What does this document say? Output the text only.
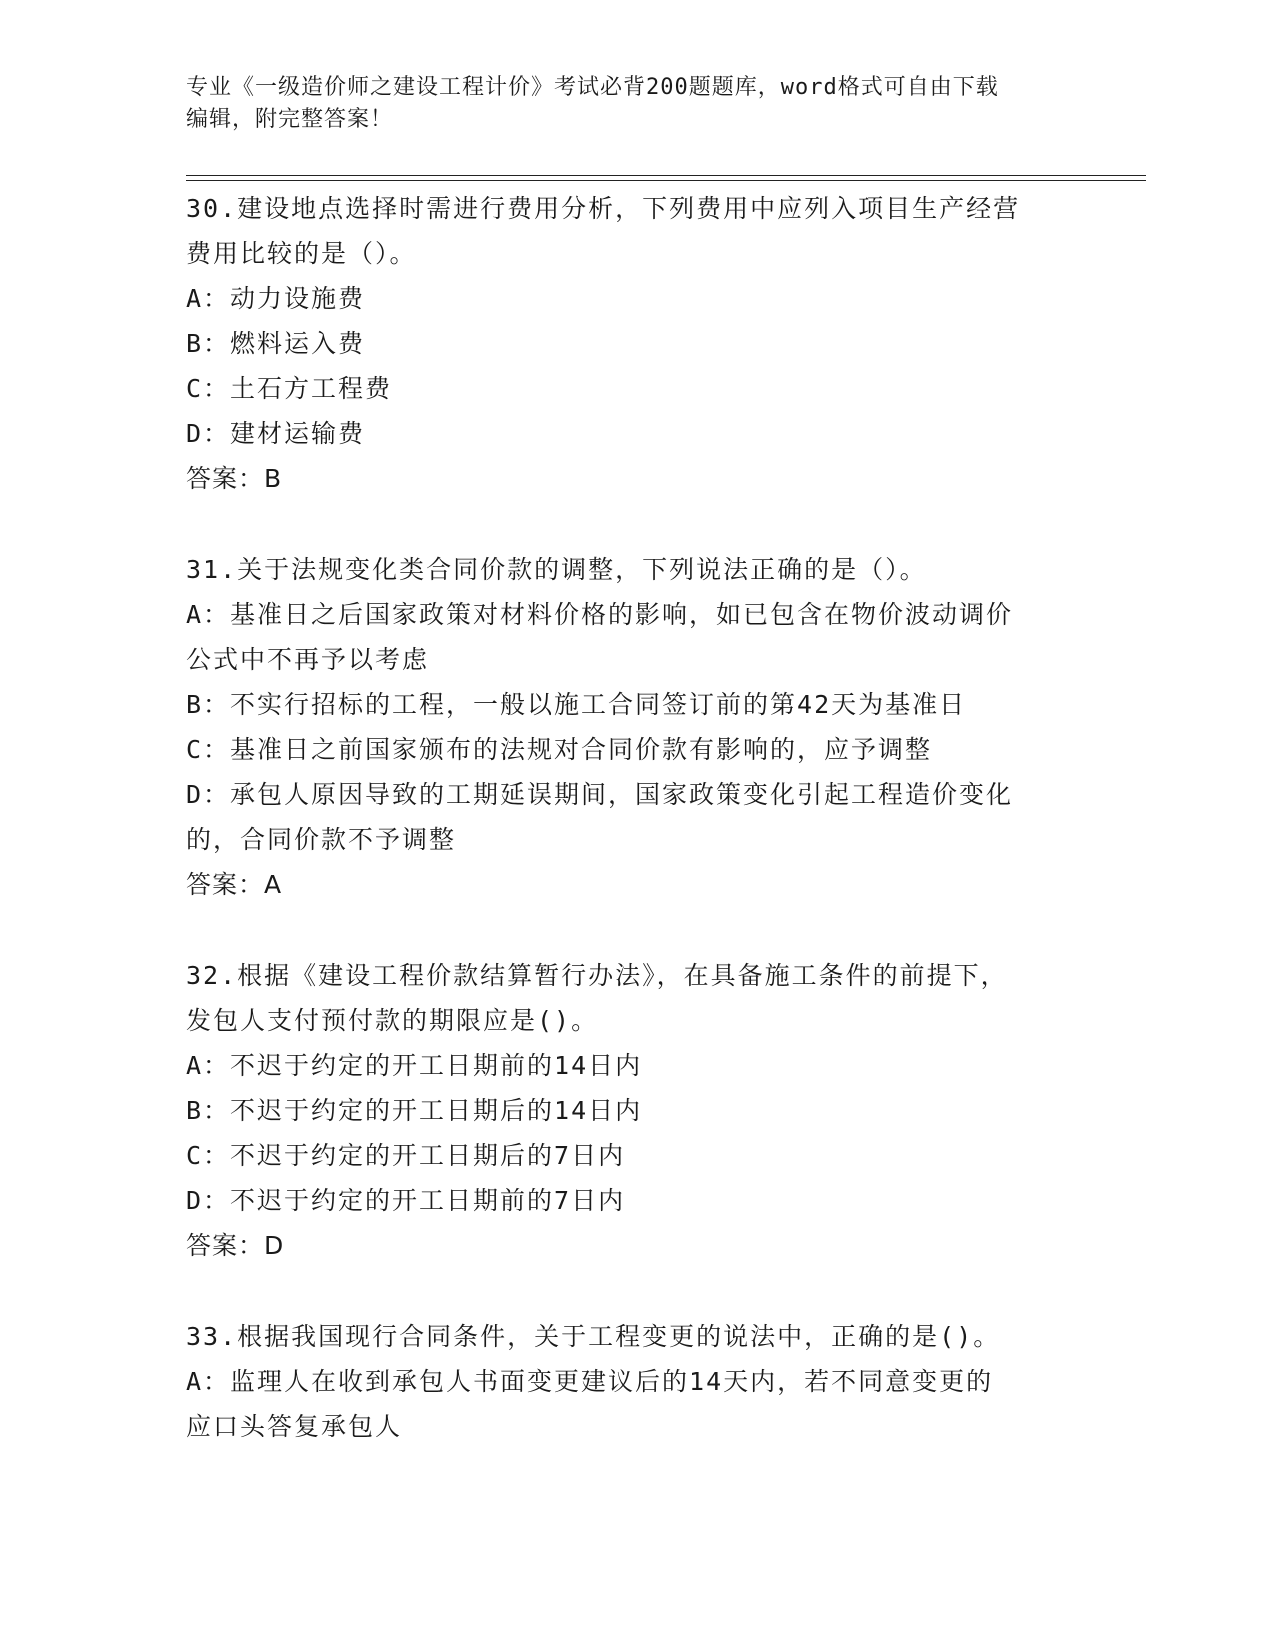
专业《一级造价师之建设工程计价》考试必背200题题库，word格式可自由下载

编辑，附完整答案！

30.建设地点选择时需进行费用分析，下列费用中应列入项目生产经营

费用比较的是（）。

A：动力设施费

B：燃料运入费

C：土石方工程费

D：建材运输费

答案：B

31.关于法规变化类合同价款的调整，下列说法正确的是（）。

A：基准日之后国家政策对材料价格的影响，如已包含在物价波动调价

公式中不再予以考虑

B：不实行招标的工程，一般以施工合同签订前的第42天为基准日

C：基准日之前国家颁布的法规对合同价款有影响的，应予调整

D：承包人原因导致的工期延误期间，国家政策变化引起工程造价变化

的，合同价款不予调整

答案：A

32.根据《建设工程价款结算暂行办法》，在具备施工条件的前提下，

发包人支付预付款的期限应是()。

A：不迟于约定的开工日期前的14日内

B：不迟于约定的开工日期后的14日内

C：不迟于约定的开工日期后的7日内

D：不迟于约定的开工日期前的7日内

答案：D

33.根据我国现行合同条件，关于工程变更的说法中，正确的是()。

A：监理人在收到承包人书面变更建议后的14天内，若不同意变更的

应口头答复承包人
